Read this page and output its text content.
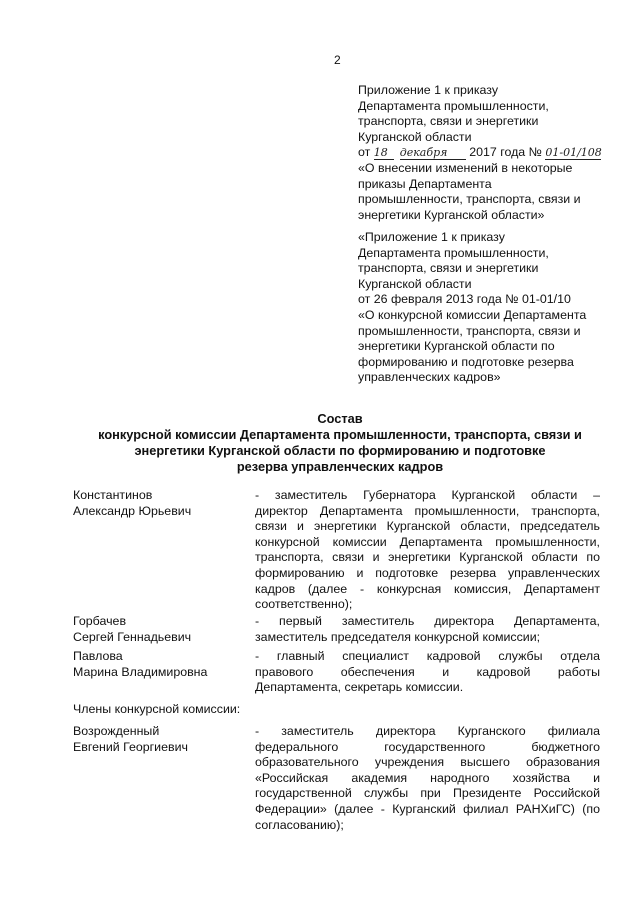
2
Приложение 1 к приказу
Департамента промышленности,
транспорта, связи и энергетики
Курганской области
от 18 декабря 2017 года № 01-01/108
«О внесении изменений в некоторые
приказы Департамента
промышленности, транспорта, связи и
энергетики Курганской области»
«Приложение 1 к приказу
Департамента промышленности,
транспорта, связи и энергетики
Курганской области
от 26 февраля 2013 года № 01-01/10
«О конкурсной комиссии Департамента
промышленности, транспорта, связи и
энергетики Курганской области по
формированию и подготовке резерва
управленческих кадров»
Состав
конкурсной комиссии Департамента промышленности, транспорта, связи и
энергетики Курганской области по формированию и подготовке
резерва управленческих кадров
Константинов
Александр Юрьевич
- заместитель Губернатора Курганской области –
директор Департамента промышленности, транспорта,
связи и энергетики Курганской области, председатель
конкурсной комиссии Департамента промышленности,
транспорта, связи и энергетики Курганской области по
формированию и подготовке резерва управленческих
кадров (далее - конкурсная комиссия, Департамент
соответственно);
Горбачев
Сергей Геннадьевич
- первый заместитель директора Департамента,
заместитель председателя конкурсной комиссии;
Павлова
Марина Владимировна
- главный специалист кадровой службы отдела
правового обеспечения и кадровой работы
Департамента, секретарь комиссии.
Члены конкурсной комиссии:
Возрожденный
Евгений Георгиевич
- заместитель директора Курганского филиала
федерального государственного бюджетного
образовательного учреждения высшего образования
«Российская академия народного хозяйства и
государственной службы при Президенте Российской
Федерации» (далее - Курганский филиал РАНХиГС) (по
согласованию);
